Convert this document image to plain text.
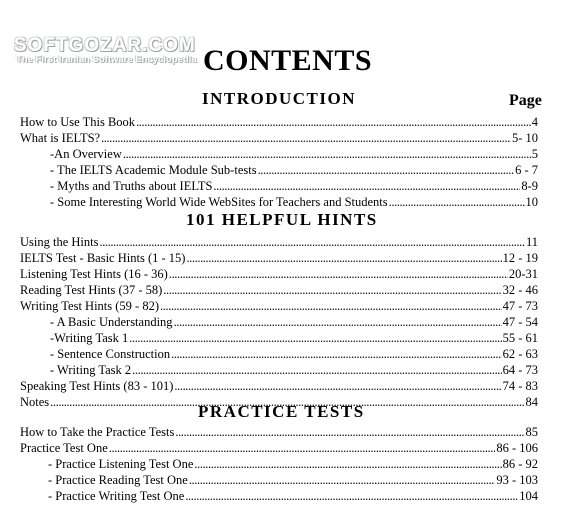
SOFTGOZAR.COM
The First Iranian Software Encyclopedia CONTENTS
Page
INTRODUCTION
How to Use This Book .....	4
What is IELTS? .....	5- 10
-An Overview .....	5
- The IELTS Academic Module Sub-tests .....	6 - 7
- Myths and Truths about IELTS .....	8-9
- Some Interesting World Wide WebSites for Teachers and Students .....	10
101 HELPFUL HINTS
Using the Hints .....	11
IELTS Test - Basic Hints (1 - 15) .....	12 - 19
Listening Test Hints (16 - 36) .....	20-31
Reading Test Hints (37 - 58) .....	32 - 46
Writing Test Hints (59 - 82) .....	47 - 73
- A Basic Understanding .....	47 - 54
-Writing Task 1 .....	55 - 61
- Sentence Construction .....	62 - 63
- Writing Task 2 .....	64 - 73
Speaking Test Hints (83 - 101) .....	74 - 83
Notes .....	84
PRACTICE TESTS
How to Take the Practice Tests .....	85
Practice Test One .....	86 - 106
- Practice Listening Test One .....	86 - 92
- Practice Reading Test One .....	93 - 103
- Practice Writing Test One .....	104
